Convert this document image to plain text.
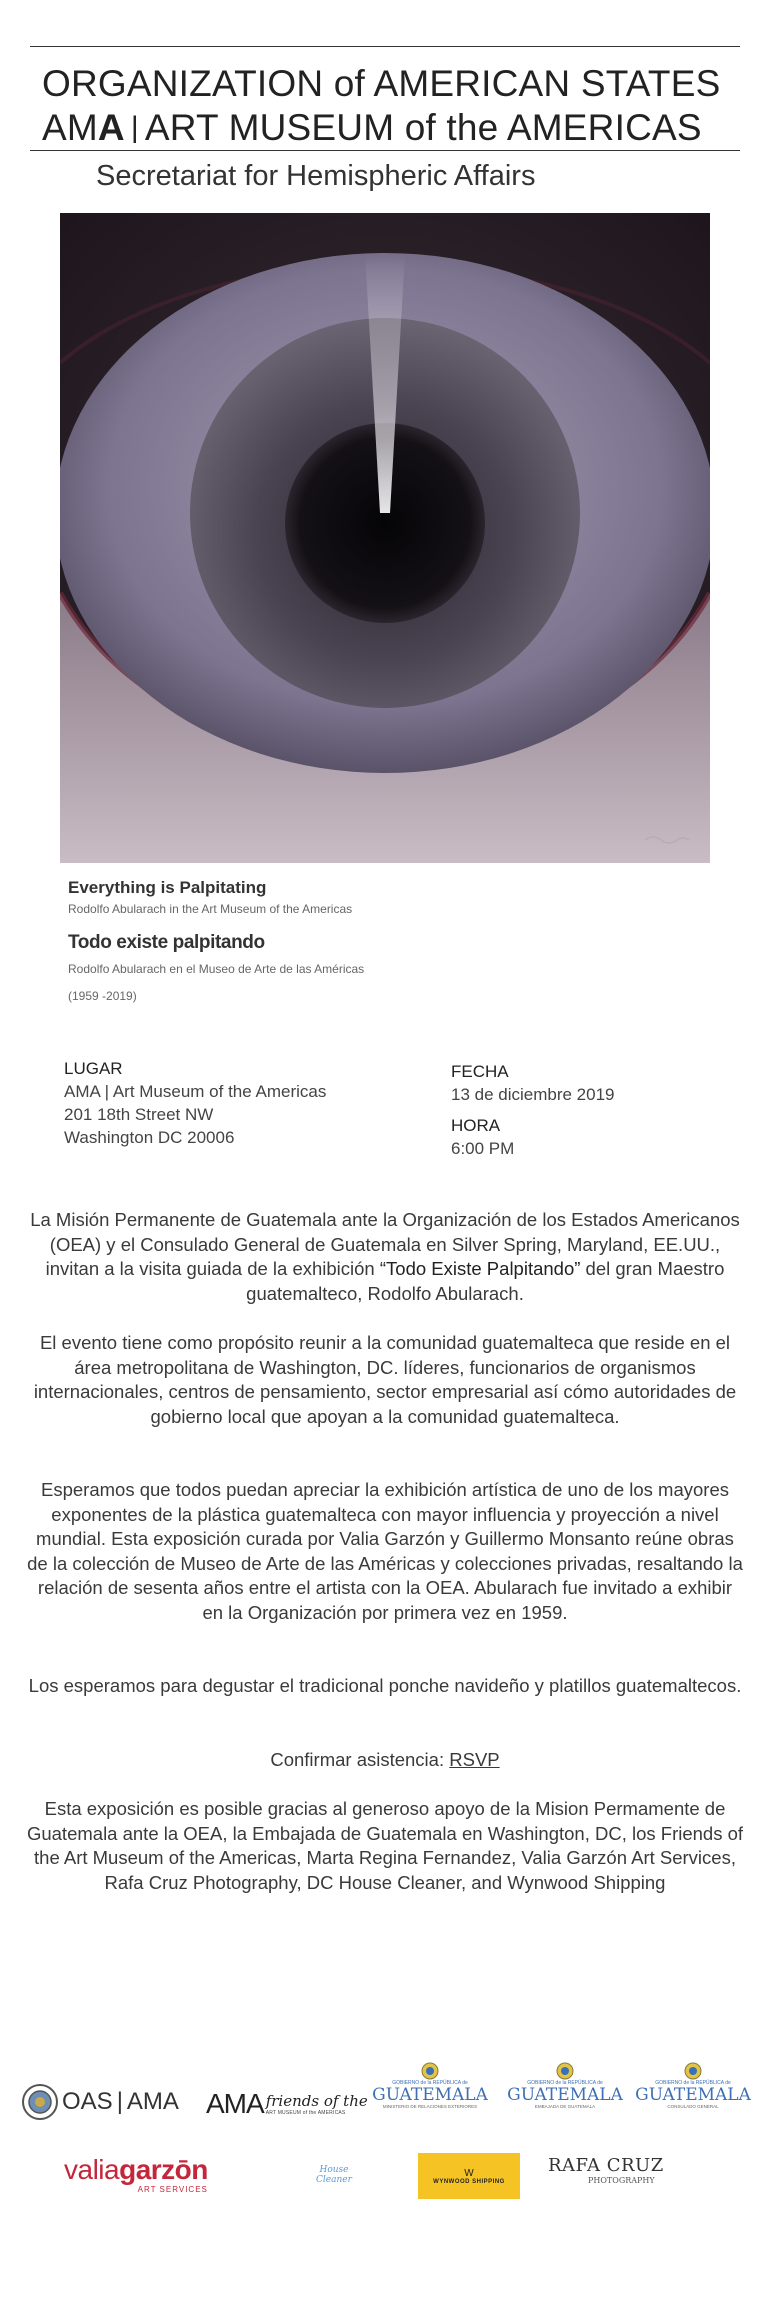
ORGANIZATION of AMERICAN STATES
AMA | ART MUSEUM of the AMERICAS
Secretariat for Hemispheric Affairs
Everything is Palpitating
Rodolfo Abularach in the Art Museum of the Americas
Todo existe palpitando
Rodolfo Abularach en el Museo de Arte de las Américas
(1959 -2019)
LUGAR
AMA | Art Museum of the Americas
201 18th Street NW
Washington DC 20006
FECHA
13 de diciembre 2019
HORA
6:00 PM

La Misión Permanente de Guatemala ante la Organización de los Estados Americanos (OEA) y el Consulado General de Guatemala en Silver Spring, Maryland, EE.UU., invitan a la visita guiada de la exhibición “Todo Existe Palpitando” del gran Maestro guatemalteco, Rodolfo Abularach.

El evento tiene como propósito reunir a la comunidad guatemalteca que reside en el área metropolitana de Washington, DC. líderes, funcionarios de organismos internacionales, centros de pensamiento, sector empresarial así cómo autoridades de gobierno local que apoyan a la comunidad guatemalteca.

Esperamos que todos puedan apreciar la exhibición artística de uno de los mayores exponentes de la plástica guatemalteca con mayor influencia y proyección a nivel mundial. Esta exposición curada por Valia Garzón y Guillermo Monsanto reúne obras de la colección de Museo de Arte de las Américas y colecciones privadas, resaltando la relación de sesenta años entre el artista con la OEA. Abularach fue invitado a exhibir en la Organización por primera vez en 1959.

Los esperamos para degustar el tradicional ponche navideño y platillos guatemaltecos.

Confirmar asistencia: RSVP

Esta exposición es posible gracias al generoso apoyo de la Mision Permamente de Guatemala ante la OEA, la Embajada de Guatemala en Washington, DC, los Friends of the Art Museum of the Americas, Marta Regina Fernandez, Valia Garzón Art Services, Rafa Cruz Photography, DC House Cleaner, and Wynwood Shipping

OAS | AMA AMA friends of the
ART MUSEUM of the AMERICAS
GOBIERNO de la REPÚBLICA de
GUATEMALA
MINISTERIO DE RELACIONES EXTERIORES
GOBIERNO de la REPÚBLICA de
GUATEMALA
EMBAJADA DE GUATEMALA
GOBIERNO de la REPÚBLICA de
GUATEMALA
CONSULADO GENERAL
valiagarzōn
ART SERVICES
House
Cleaner
W
WYNWOOD SHIPPING
RAFA CRUZ
PHOTOGRAPHY
